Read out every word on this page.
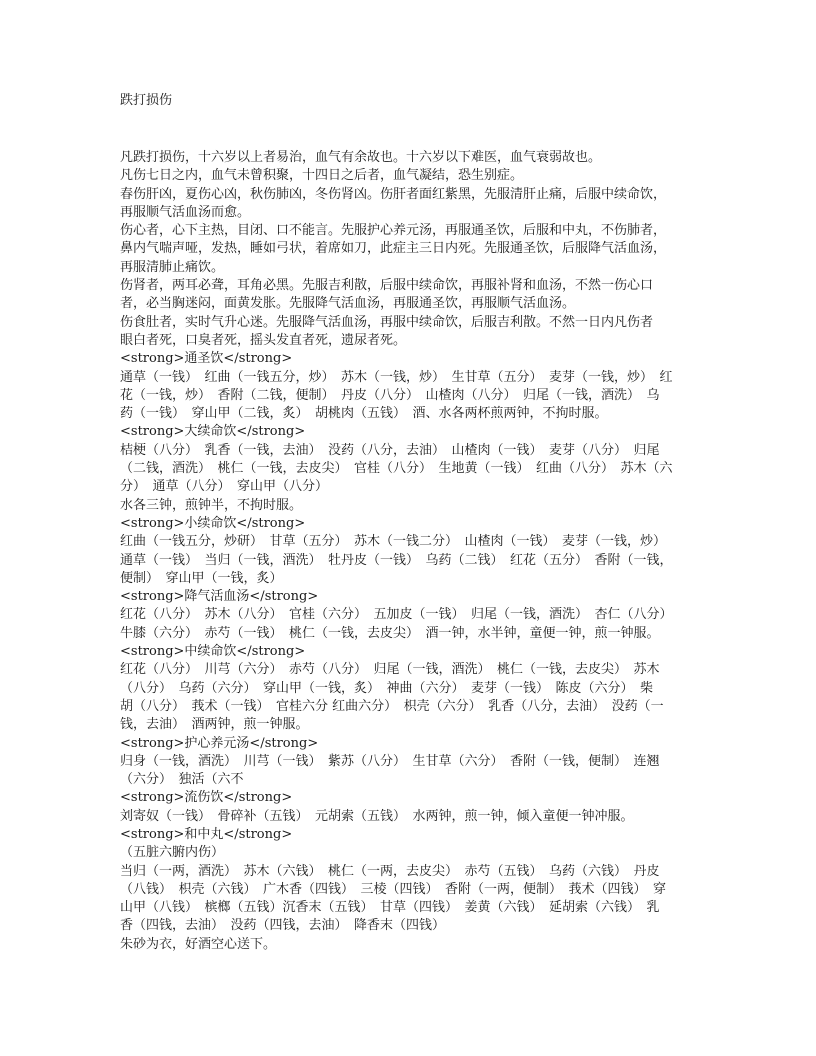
跌打损伤
凡跌打损伤，十六岁以上者易治，血气有余故也。十六岁以下难医，血气衰弱故也。
凡伤七日之内，血气未曾积聚，十四日之后者，血气凝结，恐生别症。
春伤肝凶，夏伤心凶，秋伤肺凶，冬伤肾凶。伤肝者面红紫黑，先服清肝止痛，后服中续命饮，
再服顺气活血汤而愈。
伤心者，心下主热，目闭、口不能言。先服护心养元汤，再服通圣饮，后服和中丸，不伤肺者，
鼻内气喘声哑，发热，睡如弓状，着席如刀，此症主三日内死。先服通圣饮，后服降气活血汤，
再服清肺止痛饮。
伤肾者，两耳必聋，耳角必黑。先服吉利散，后服中续命饮，再服补肾和血汤，不然一伤心口
者，必当胸迷闷，面黄发胀。先服降气活血汤，再服通圣饮，再服顺气活血汤。
伤食肚者，实时气升心迷。先服降气活血汤，再服中续命饮，后服吉利散。不然一日内凡伤者
眼白者死，口臭者死，摇头发直者死，遗尿者死。
<strong>通圣饮</strong>
通草（一钱）　红曲（一钱五分，炒）　苏木（一钱，炒）　生甘草（五分）　麦芽（一钱，炒）　红
花（一钱，炒）　香附（二钱，便制）　丹皮（八分）　山楂肉（八分）　归尾（一钱，酒洗）　乌
药（一钱）　穿山甲（二钱，炙）　胡桃肉（五钱）　酒、水各两杯煎两钟，不拘时服。
<strong>大续命饮</strong>
桔梗（八分）　乳香（一钱，去油）　没药（八分，去油）　山楂肉（一钱）　麦芽（八分）　归尾
（二钱，酒洗）　桃仁（一钱，去皮尖）　官桂（八分）　生地黄（一钱）　红曲（八分）　苏木（六
分）　通草（八分）　穿山甲（八分）
水各三钟，煎钟半，不拘时服。
<strong>小续命饮</strong>
红曲（一钱五分，炒研）　甘草（五分）　苏木（一钱二分）　山楂肉（一钱）　麦芽（一钱，炒）
通草（一钱）　当归（一钱，酒洗）　牡丹皮（一钱）　乌药（二钱）　红花（五分）　香附（一钱，
便制）　穿山甲（一钱，炙）
<strong>降气活血汤</strong>
红花（八分）　苏木（八分）　官桂（六分）　五加皮（一钱）　归尾（一钱，酒洗）　杏仁（八分）
牛膝（六分）　赤芍（一钱）　桃仁（一钱，去皮尖）　酒一钟，水半钟，童便一钟，煎一钟服。
<strong>中续命饮</strong>
红花（八分）　川芎（六分）　赤芍（八分）　归尾（一钱，酒洗）　桃仁（一钱，去皮尖）　苏木
（八分）　乌药（六分）　穿山甲（一钱，炙）　神曲（六分）　麦芽（一钱）　陈皮（六分）　柴
胡（八分）　莪术（一钱）　官桂六分 红曲六分）　枳壳（六分）　乳香（八分，去油）　没药（一
钱，去油）　酒两钟，煎一钟服。
<strong>护心养元汤</strong>
归身（一钱，酒洗）　川芎（一钱）　紫苏（八分）　生甘草（六分）　香附（一钱，便制）　连翘
（六分）　独活（六不
<strong>流伤饮</strong>
刘寄奴（一钱）　骨碎补（五钱）　元胡索（五钱）　水两钟，煎一钟，倾入童便一钟冲服。
<strong>和中丸</strong>
（五脏六腑内伤）
当归（一两，酒洗）　苏木（六钱）　桃仁（一两，去皮尖）　赤芍（五钱）　乌药（六钱）　丹皮
（八钱）　枳壳（六钱）　广木香（四钱）　三棱（四钱）　香附（一两，便制）　莪术（四钱）　穿
山甲（八钱）　槟榔（五钱）沉香末（五钱）　甘草（四钱）　姜黄（六钱）　延胡索（六钱）　乳
香（四钱，去油）　没药（四钱，去油）　降香末（四钱）
朱砂为衣，好酒空心送下。
